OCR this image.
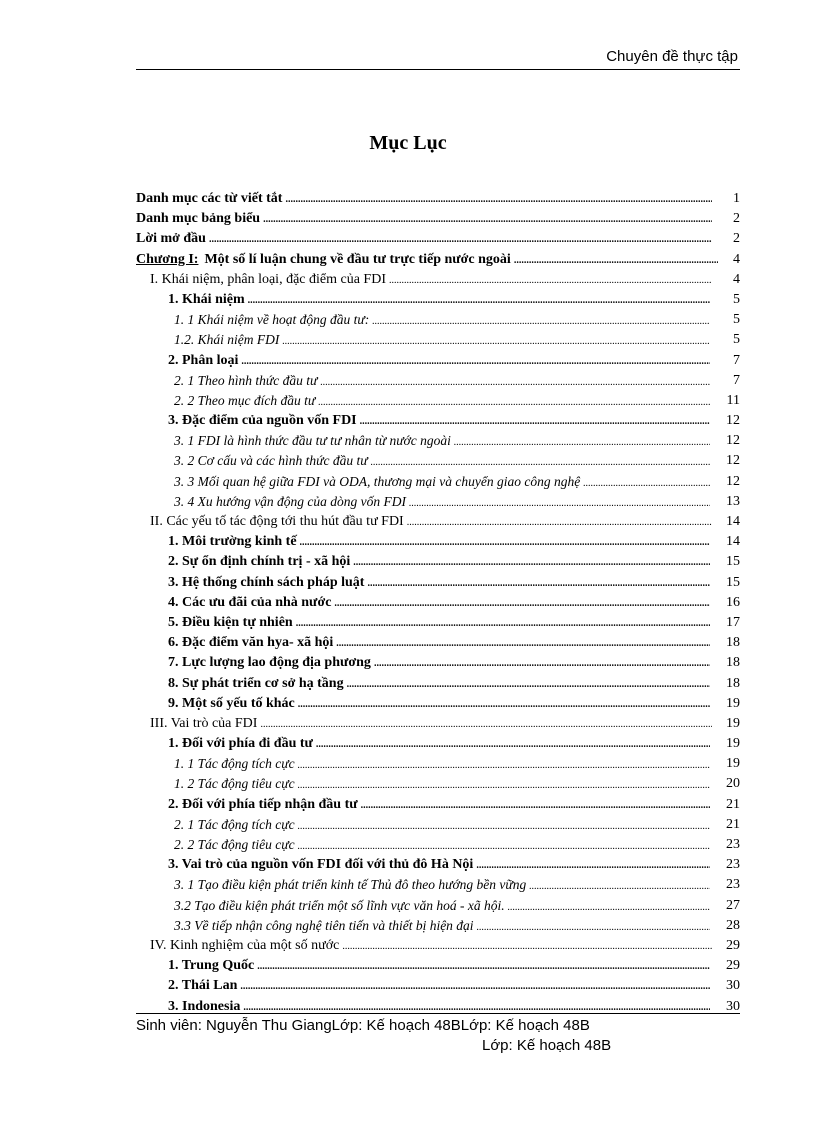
Chuyên đề thực tập
Mục Lục
Danh mục các từ viết tắt .....	1
Danh mục bảng biểu .....	2
Lời mở đầu .....	2
Chương I: Một số lí luận chung về đầu tư trực tiếp nước ngoài .....	4
I. Khái niệm, phân loại, đặc điểm của FDI .....	4
1. Khái niệm .....	5
1. 1 Khái niệm về hoạt động đầu tư: .....	5
1.2. Khái niệm FDI .....	5
2. Phân loại .....	7
2. 1 Theo hình thức đầu tư .....	7
2. 2 Theo mục đích đầu tư .....	11
3. Đặc điểm của nguồn vốn FDI .....	12
3. 1 FDI là hình thức đầu tư tư nhân từ nước ngoài .....	12
3. 2 Cơ cấu và các hình thức đầu tư .....	12
3. 3 Mối quan hệ giữa FDI và ODA, thương mại và chuyển giao công nghệ .....	12
3. 4 Xu hướng vận động của dòng vốn FDI .....	13
II. Các yếu tố tác động tới thu hút đầu tư FDI .....	14
1. Môi trường kinh tế .....	14
2. Sự ổn định chính trị - xã hội .....	15
3. Hệ thống chính sách pháp luật .....	15
4. Các ưu đãi của nhà nước .....	16
5. Điều kiện tự nhiên .....	17
6. Đặc điểm văn hya- xã hội .....	18
7. Lực lượng lao động địa phương .....	18
8. Sự phát triển cơ sở hạ tầng .....	18
9. Một số yếu tố khác .....	19
III. Vai trò của FDI .....	19
1. Đối với phía đi đầu tư .....	19
1. 1 Tác động tích cực .....	19
1. 2 Tác động tiêu cực .....	20
2. Đối với phía tiếp nhận đầu tư .....	21
2. 1 Tác động tích cực .....	21
2. 2 Tác động tiêu cực .....	23
3. Vai trò của nguồn vốn FDI đối với thủ đô Hà Nội .....	23
3. 1 Tạo điều kiện phát triển kinh tế Thủ đô theo hướng bền vững .....	23
3.2 Tạo điều kiện phát triển một số lĩnh vực văn hoá - xã hội. .....	27
3.3 Về tiếp nhận công nghệ tiên tiến và thiết bị hiện đại .....	28
IV. Kinh nghiệm của một số nước .....	29
1. Trung Quốc .....	29
2. Thái Lan .....	30
3. Indonesia .....	30
Sinh viên: Nguyễn Thu GiangLớp: Kế hoạch 48BLớp: Kế hoạch 48B
Lớp: Kế hoạch 48B
